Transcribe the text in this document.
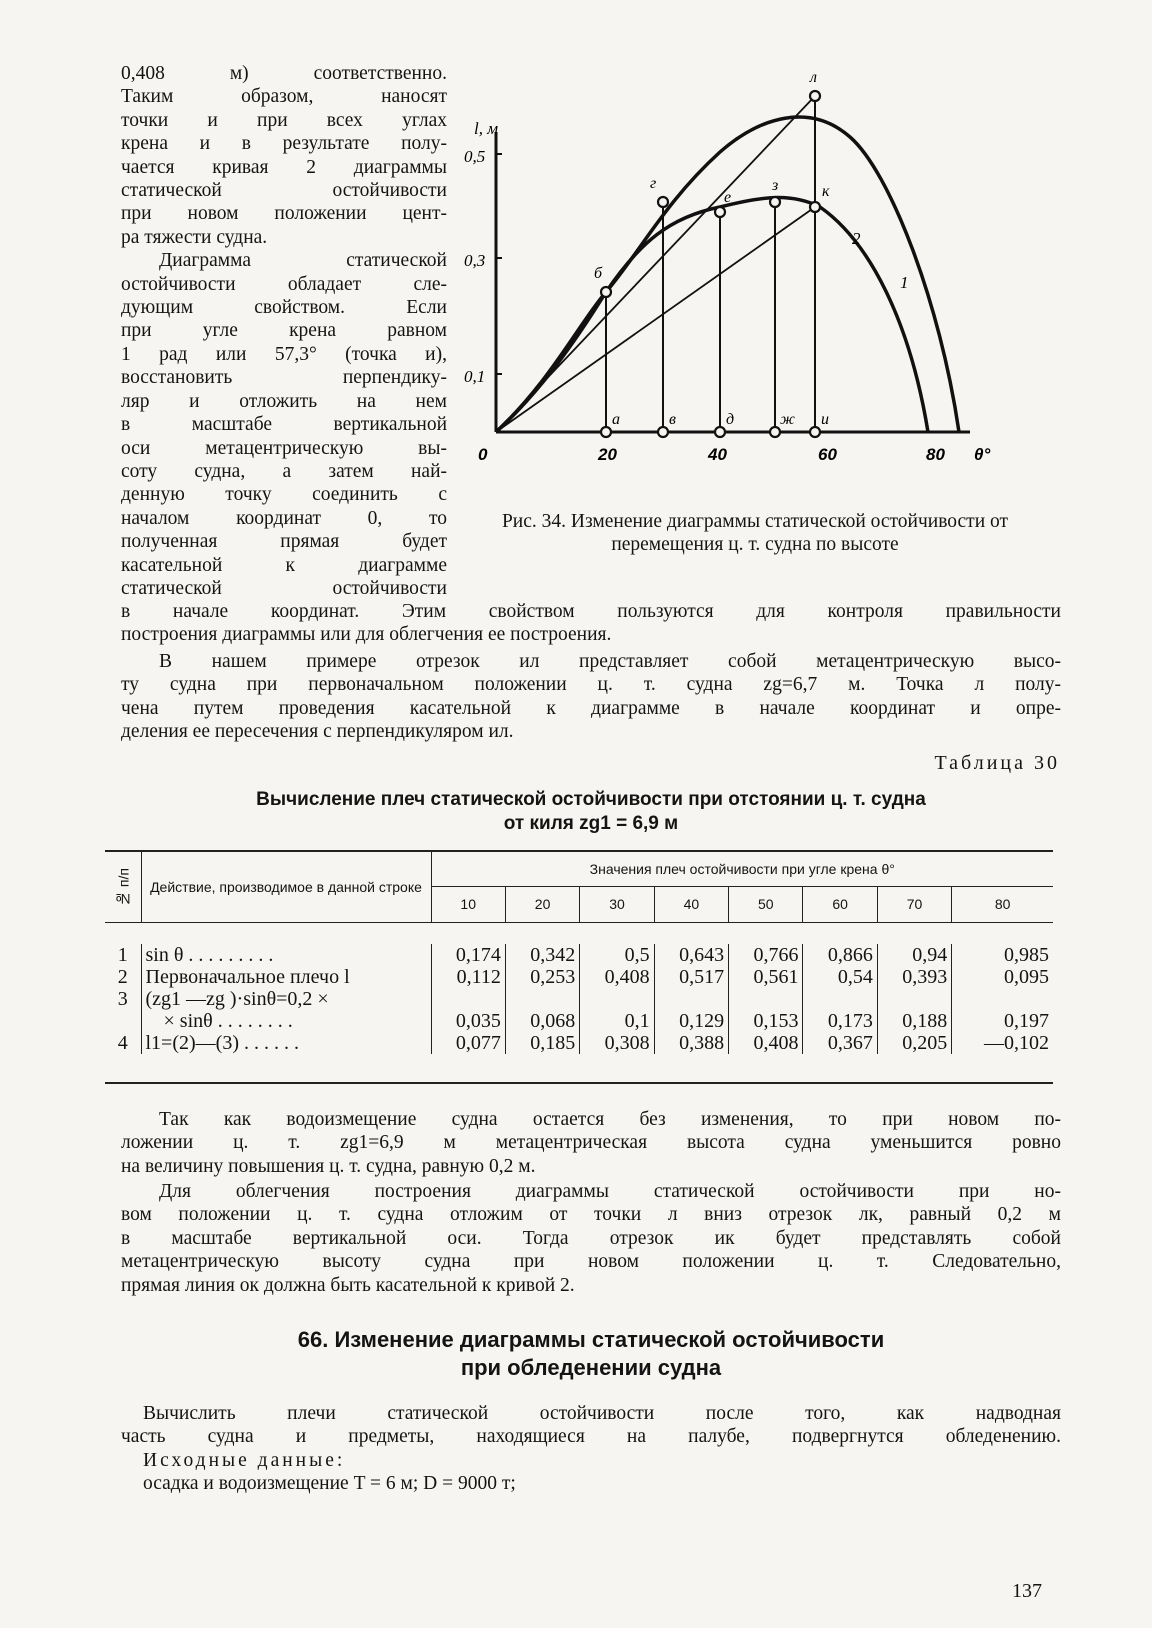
0,408 м) соответственно.
Таким образом, наносят
точки и при всех углах
крена и в результате полу-
чается кривая 2 диаграммы
статической остойчивости
при новом положении цент-
ра тяжести судна.
Диаграмма статической
остойчивости обладает сле-
дующим свойством. Если
при угле крена равном
1 рад или 57,3° (точка и),
восстановить перпендику-
ляр и отложить на нем
в масштабе вертикальной
оси метацентрическую вы-
соту судна, а затем най-
денную точку соединить с
началом координат 0, то
полученная прямая будет
касательной к диаграмме
статической остойчивости
l, м
0,5
0,3
0,1
0	20	40	60	80 θ°
б
г
е
з	к
л
а	в	д	ж и
1
2
Рис. 34. Изменение диаграммы статической остойчивости от перемещения ц. т. судна по высоте
в начале координат. Этим свойством пользуются для контроля правильности
построения диаграммы или для облегчения ее построения.
В нашем примере отрезок ил представляет собой метацентрическую высо-
ту судна при первоначальном положении ц. т. судна zg=6,7 м. Точка л полу-
чена путем проведения касательной к диаграмме в начале координат и опре-
деления ее пересечения с перпендикуляром ил.
Таблица 30
Вычисление плеч статической остойчивости при отстоянии ц. т. судна
от киля zg1 = 6,9 м
№ п/п	Действие, производимое в данной строке	Значения плеч остойчивости при угле крена θ°							
		10	20	30	40	50	60	70	80

1	sin θ . . . . . . . . .	0,174	0,342	0,5	0,643	0,766	0,866	0,94	0,985
2	Первоначальное плечо l	0,112	0,253	0,408	0,517	0,561	0,54	0,393	0,095
3	(zg1 —zg )·sinθ=0,2 ×								
	× sinθ . . . . . . . .	0,035	0,068	0,1	0,129	0,153	0,173	0,188	0,197
4	l1=(2)—(3) . . . . . .	0,077	0,185	0,308	0,388	0,408	0,367	0,205	—0,102
Так как водоизмещение судна остается без изменения, то при новом по-
ложении ц. т. zg1=6,9 м метацентрическая высота судна уменьшится ровно
на величину повышения ц. т. судна, равную 0,2 м.
Для облегчения построения диаграммы статической остойчивости при но-
вом положении ц. т. судна отложим от точки л вниз отрезок лк, равный 0,2 м
в масштабе вертикальной оси. Тогда отрезок ик будет представлять собой
метацентрическую высоту судна при новом положении ц. т. Следовательно,
прямая линия ок должна быть касательной к кривой 2.
66. Изменение диаграммы статической остойчивости
при обледенении судна
Вычислить плечи статической остойчивости после того, как надводная
часть судна и предметы, находящиеся на палубе, подвергнутся обледенению.
Исходные данные:
осадка и водоизмещение T = 6 м; D = 9000 т;
137
